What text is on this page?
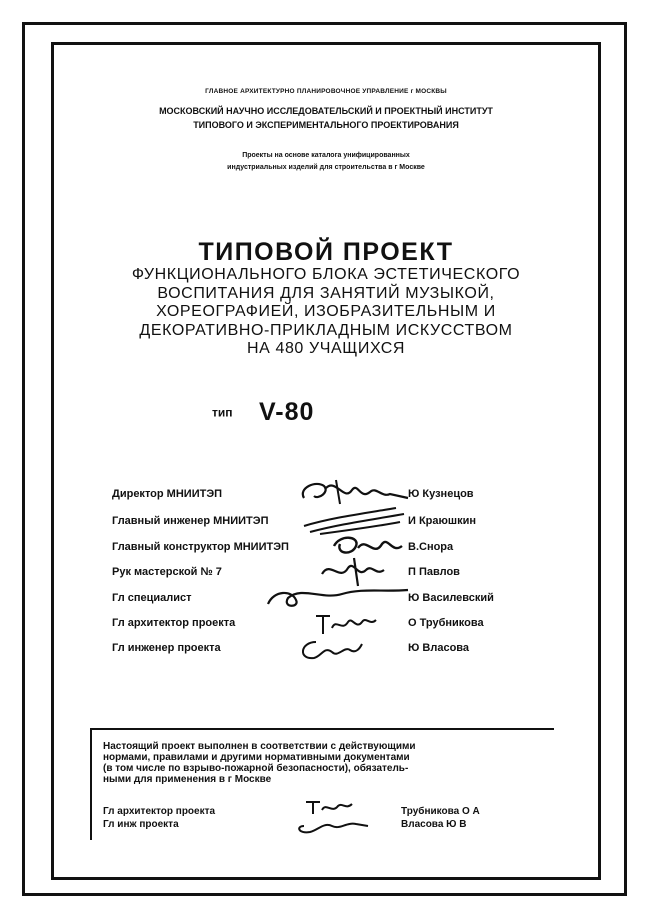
ГЛАВНОЕ АРХИТЕКТУРНО ПЛАНИРОВОЧНОЕ УПРАВЛЕНИЕ г МОСКВЫ
МОСКОВСКИЙ НАУЧНО ИССЛЕДОВАТЕЛЬСКИЙ И ПРОЕКТНЫЙ ИНСТИТУТ
ТИПОВОГО И ЭКСПЕРИМЕНТАЛЬНОГО ПРОЕКТИРОВАНИЯ
Проекты на основе каталога унифицированных
индустриальных изделий для строительства в г Москве
ТИПОВОЙ ПРОЕКТ
ФУНКЦИОНАЛЬНОГО БЛОКА ЭСТЕТИЧЕСКОГО
ВОСПИТАНИЯ ДЛЯ ЗАНЯТИЙ МУЗЫКОЙ,
ХОРЕОГРАФИЕЙ, ИЗОБРАЗИТЕЛЬНЫМ И
ДЕКОРАТИВНО-ПРИКЛАДНЫМ ИСКУССТВОМ
НА 480 УЧАЩИХСЯ
тип V-80
Директор МНИИТЭП	Ю Кузнецов
Главный инженер МНИИТЭП	И Краюшкин
Главный конструктор МНИИТЭП	В.Снора
Рук мастерской № 7	П Павлов
Гл специалист	Ю Василевский
Гл архитектор проекта	О Трубникова
Гл инженер проекта	Ю Власова
Настоящий проект выполнен в соответствии с действующими
нормами, правилами и другими нормативными документами
(в том числе по взрыво-пожарной безопасности), обязатель-
ными для применения в г Москве
Гл архитектор проекта	Трубникова О А
Гл инж проекта	Власова Ю В
